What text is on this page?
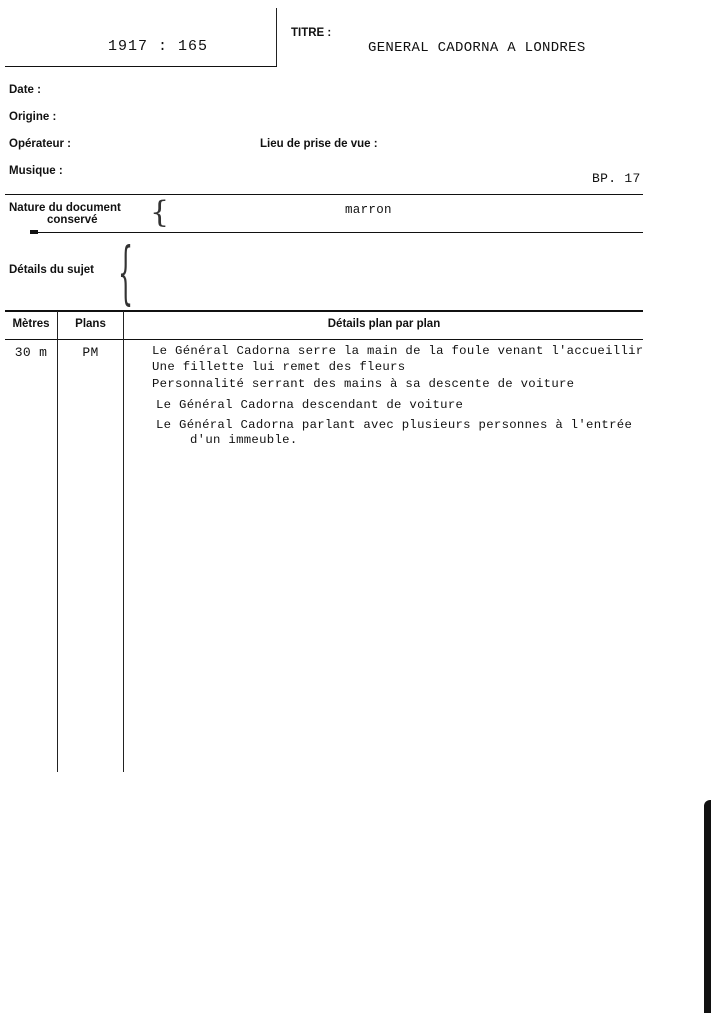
1917 : 165
TITRE :
GENERAL CADORNA A LONDRES
Date :
Origine :
Opérateur :	Lieu de prise de vue :
Musique :	BP. 17
Nature du document
conservé {	marron
Détails du sujet {
Mètres	Plans	Détails plan par plan
30 m	PM	Le Général Cadorna serre la main de la foule venant l'accueillir
Une fillette lui remet des fleurs
Personnalité serrant des mains à sa descente de voiture
Le Général Cadorna descendant de voiture
Le Général Cadorna parlant avec plusieurs personnes à l'entrée
d'un immeuble.
